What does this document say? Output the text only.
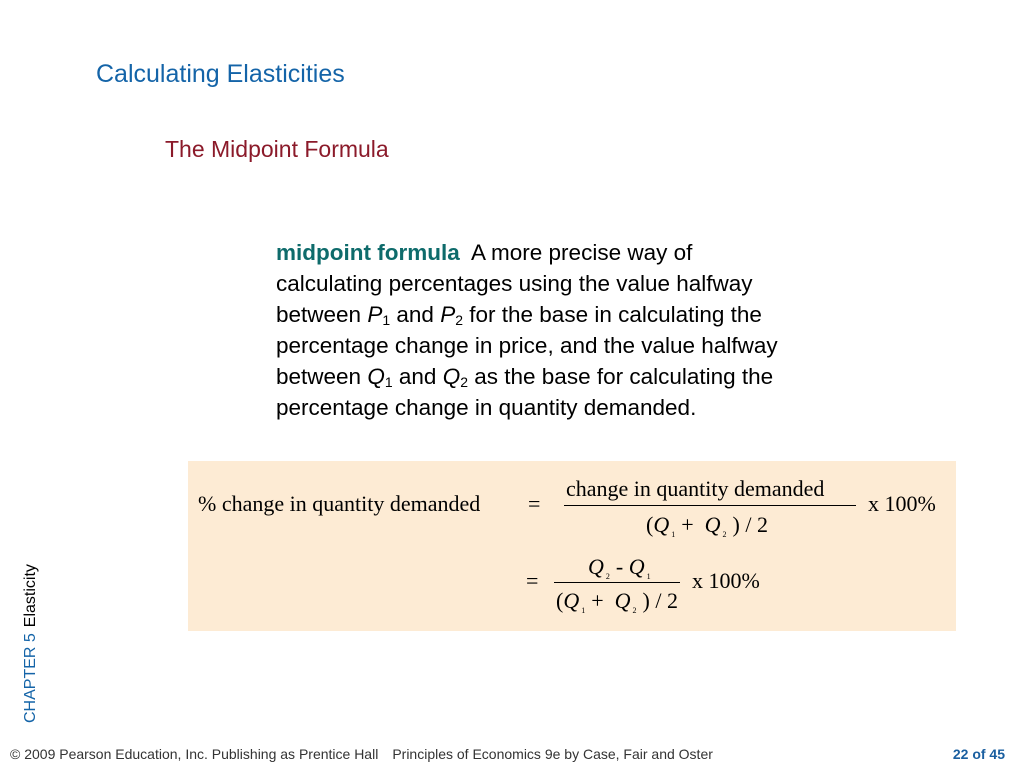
Calculating Elasticities
The Midpoint Formula
midpoint formula A more precise way of
calculating percentages using the value halfway
between $P_1$ and $P_2$ for the base in calculating the
percentage change in price, and the value halfway
between $Q_1$ and $Q_2$ as the base for calculating the
percentage change in quantity demanded.
% change in quantity demanded =
change in quantity demanded
(Q $_1$ + Q $_2$ ) / 2
x 100%
=
Q $_2$ - Q $_1$
(Q $_1$ + Q $_2$ ) / 2
x 100%
CHAPTER 5Elasticity
© 2009 Pearson Education, Inc. Publishing as Prentice Hall Principles of Economics 9e by Case, Fair and Oster	22 of 45
